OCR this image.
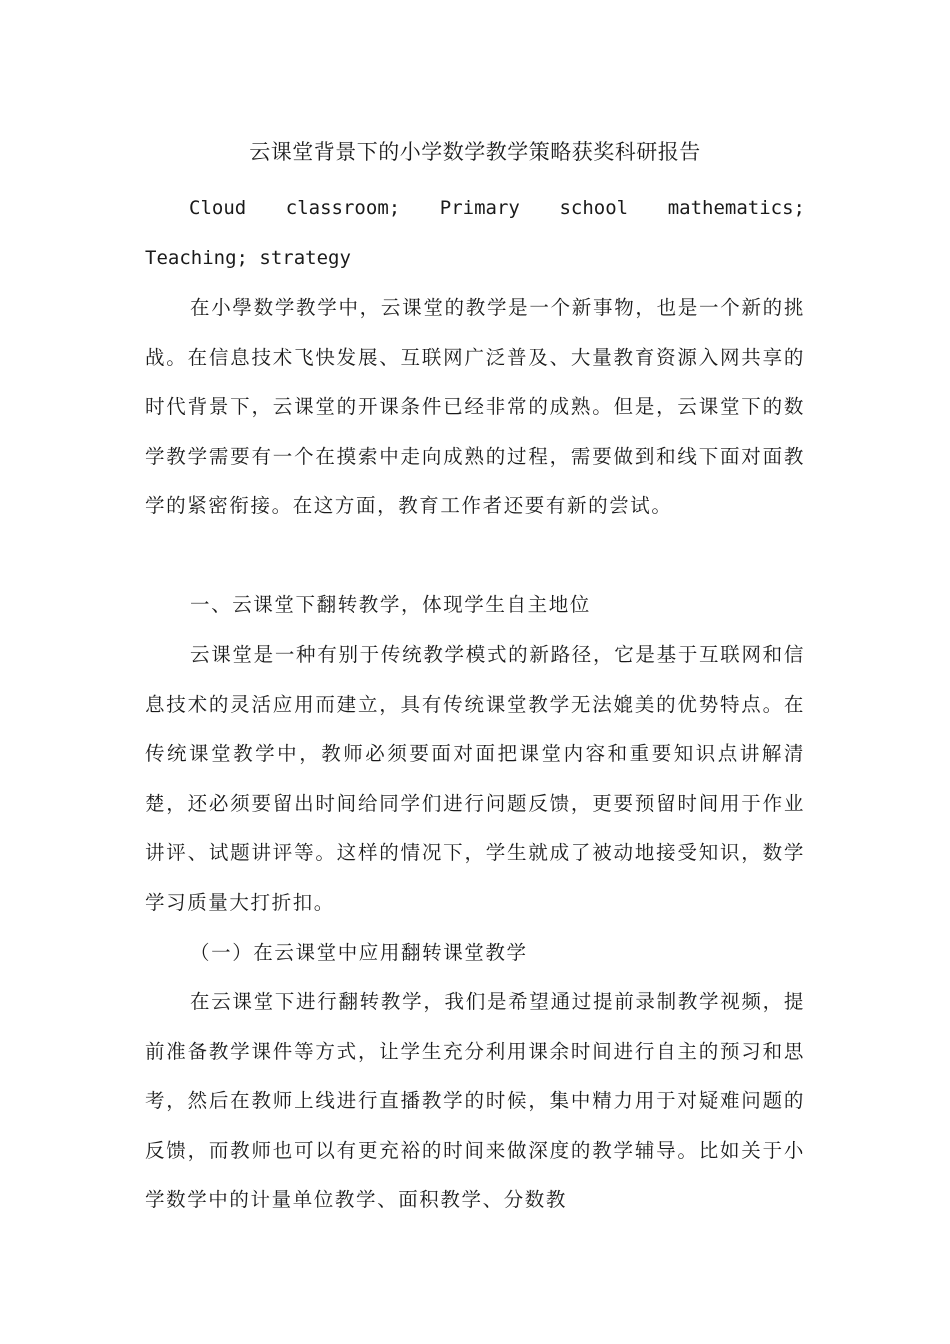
云课堂背景下的小学数学教学策略获奖科研报告

Cloud classroom; Primary school mathematics; Teaching; strategy

在小學数学教学中，云课堂的教学是一个新事物，也是一个新的挑战。在信息技术飞快发展、互联网广泛普及、大量教育资源入网共享的时代背景下，云课堂的开课条件已经非常的成熟。但是，云课堂下的数学教学需要有一个在摸索中走向成熟的过程，需要做到和线下面对面教学的紧密衔接。在这方面，教育工作者还要有新的尝试。

一、云课堂下翻转教学，体现学生自主地位

云课堂是一种有别于传统教学模式的新路径，它是基于互联网和信息技术的灵活应用而建立，具有传统课堂教学无法媲美的优势特点。在传统课堂教学中，教师必须要面对面把课堂内容和重要知识点讲解清楚，还必须要留出时间给同学们进行问题反馈，更要预留时间用于作业讲评、试题讲评等。这样的情况下，学生就成了被动地接受知识，数学学习质量大打折扣。

（一）在云课堂中应用翻转课堂教学

在云课堂下进行翻转教学，我们是希望通过提前录制教学视频，提前准备教学课件等方式，让学生充分利用课余时间进行自主的预习和思考，然后在教师上线进行直播教学的时候，集中精力用于对疑难问题的反馈，而教师也可以有更充裕的时间来做深度的教学辅导。比如关于小学数学中的计量单位教学、面积教学、分数教
